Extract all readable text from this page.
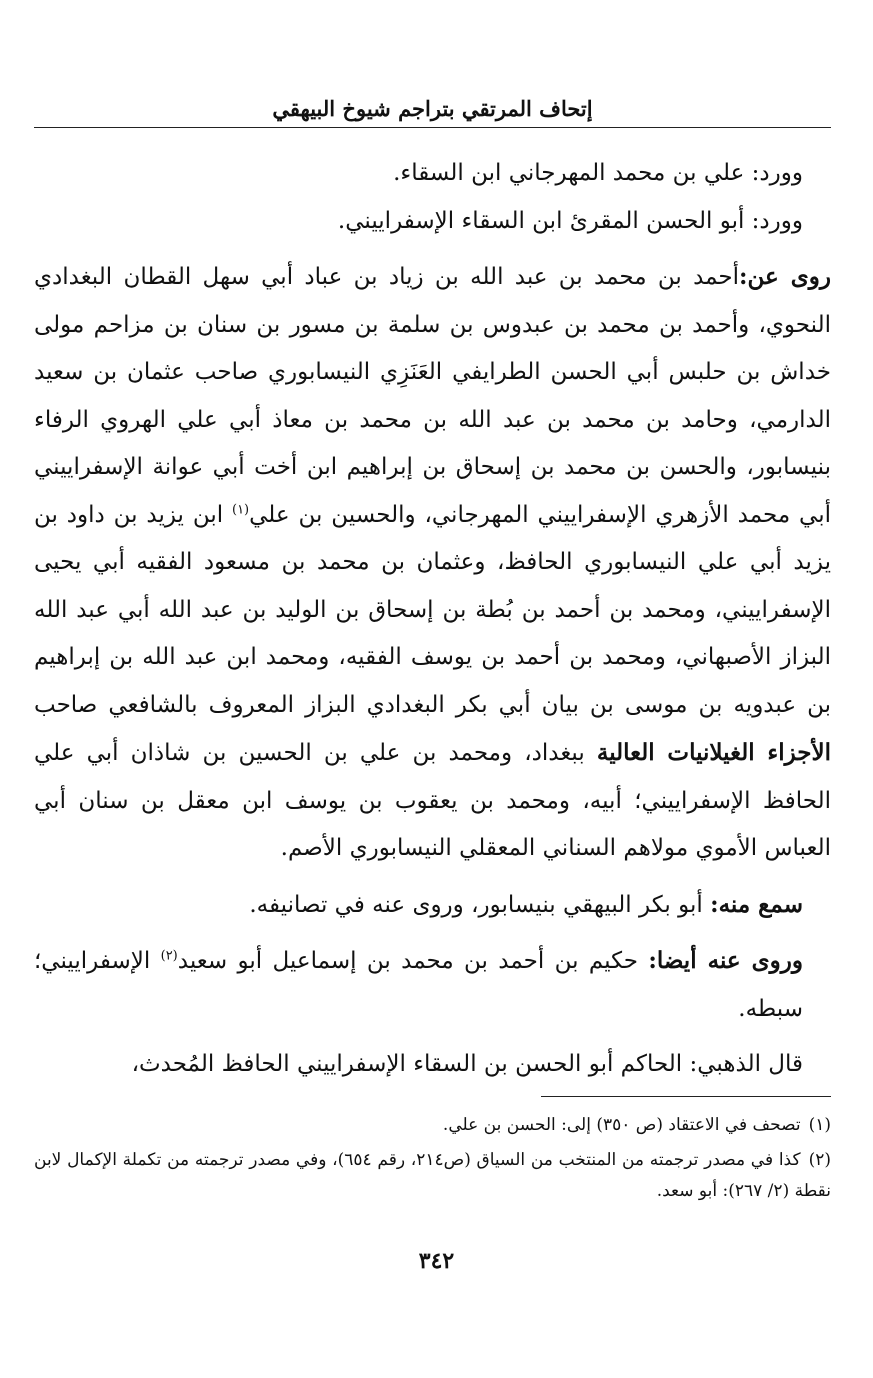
إتحاف المرتقي بتراجم شيوخ البيهقي

وورد: علي بن محمد المهرجاني ابن السقاء.

وورد: أبو الحسن المقرئ ابن السقاء الإسفراييني.

روى عن:أحمد بن محمد بن عبد الله بن زياد بن عباد أبي سهل القطان البغدادي النحوي، وأحمد بن محمد بن عبدوس بن سلمة بن مسور بن سنان بن مزاحم مولى خداش بن حلبس أبي الحسن الطرايفي العَنَزِي النيسابوري صاحب عثمان بن سعيد الدارمي، وحامد بن محمد بن عبد الله بن محمد بن معاذ أبي علي الهروي الرفاء بنيسابور، والحسن بن محمد بن إسحاق بن إبراهيم ابن أخت أبي عوانة الإسفراييني أبي محمد الأزهري الإسفراييني المهرجاني، والحسين بن علي$^{(١)}$ ابن يزيد بن داود بن يزيد أبي علي النيسابوري الحافظ، وعثمان بن محمد بن مسعود الفقيه أبي يحيى الإسفراييني، ومحمد بن أحمد بن بُطة بن إسحاق بن الوليد بن عبد الله أبي عبد الله البزاز الأصبهاني، ومحمد بن أحمد بن يوسف الفقيه، ومحمد ابن عبد الله بن إبراهيم بن عبدويه بن موسى بن بيان أبي بكر البغدادي البزاز المعروف بالشافعي صاحب الأجزاء الغيلانيات العالية ببغداد، ومحمد بن علي بن الحسين بن شاذان أبي علي الحافظ الإسفراييني؛ أبيه، ومحمد بن يعقوب بن يوسف ابن معقل بن سنان أبي العباس الأموي مولاهم السناني المعقلي النيسابوري الأصم.

سمع منه: أبو بكر البيهقي بنيسابور، وروى عنه في تصانيفه.

وروى عنه أيضا: حكيم بن أحمد بن محمد بن إسماعيل أبو سعيد$^{(٢)}$ الإسفراييني؛ سبطه.

قال الذهبي: الحاكم أبو الحسن بن السقاء الإسفراييني الحافظ المُحدث،

(١)تصحف في الاعتقاد (ص ٣٥٠) إلى: الحسن بن علي.

(٢)كذا في مصدر ترجمته من المنتخب من السياق (ص٢١٤، رقم ٦٥٤)، وفي مصدر ترجمته من تكملة الإكمال لابن نقطة (٢/ ٢٦٧): أبو سعد.

٣٤٢
